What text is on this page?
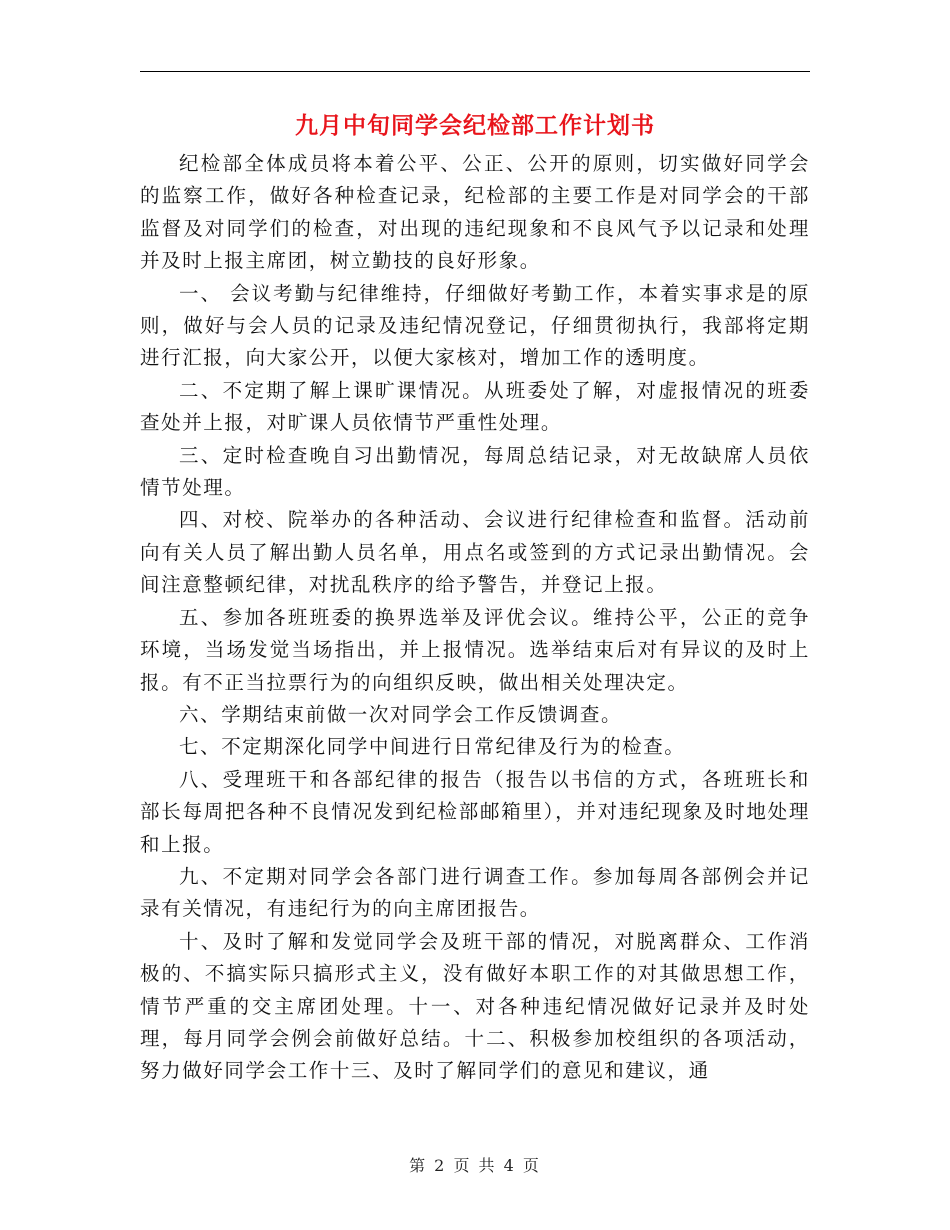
九月中旬同学会纪检部工作计划书

纪检部全体成员将本着公平、公正、公开的原则，切实做好同学会的监察工作，做好各种检查记录，纪检部的主要工作是对同学会的干部监督及对同学们的检查，对出现的违纪现象和不良风气予以记录和处理并及时上报主席团，树立勤技的良好形象。

一、 会议考勤与纪律维持，仔细做好考勤工作，本着实事求是的原则，做好与会人员的记录及违纪情况登记，仔细贯彻执行，我部将定期进行汇报，向大家公开，以便大家核对，增加工作的透明度。

二、不定期了解上课旷课情况。从班委处了解，对虚报情况的班委查处并上报，对旷课人员依情节严重性处理。

三、定时检查晚自习出勤情况，每周总结记录，对无故缺席人员依情节处理。

四、对校、院举办的各种活动、会议进行纪律检查和监督。活动前向有关人员了解出勤人员名单，用点名或签到的方式记录出勤情况。会间注意整顿纪律，对扰乱秩序的给予警告，并登记上报。

五、参加各班班委的换界选举及评优会议。维持公平，公正的竞争环境，当场发觉当场指出，并上报情况。选举结束后对有异议的及时上报。有不正当拉票行为的向组织反映，做出相关处理决定。

六、学期结束前做一次对同学会工作反馈调查。

七、不定期深化同学中间进行日常纪律及行为的检查。

八、受理班干和各部纪律的报告（报告以书信的方式，各班班长和部长每周把各种不良情况发到纪检部邮箱里），并对违纪现象及时地处理和上报。

九、不定期对同学会各部门进行调查工作。参加每周各部例会并记录有关情况，有违纪行为的向主席团报告。

十、及时了解和发觉同学会及班干部的情况，对脱离群众、工作消极的、不搞实际只搞形式主义，没有做好本职工作的对其做思想工作，情节严重的交主席团处理。十一、对各种违纪情况做好记录并及时处理，每月同学会例会前做好总结。十二、积极参加校组织的各项活动，努力做好同学会工作十三、及时了解同学们的意见和建议，通

第 2 页 共 4 页
